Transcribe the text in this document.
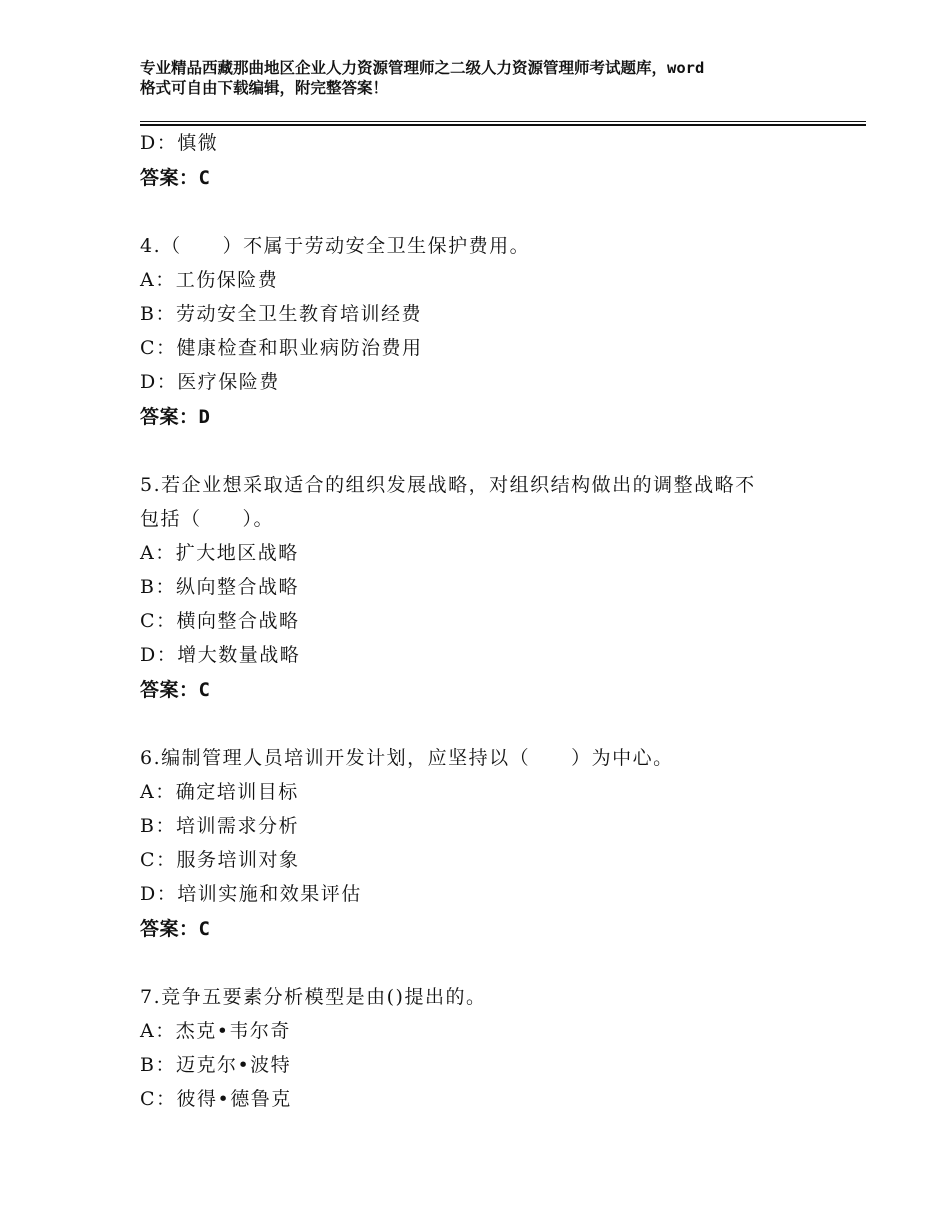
专业精品西藏那曲地区企业人力资源管理师之二级人力资源管理师考试题库，word
格式可自由下载编辑，附完整答案！
D：慎微
答案：C
4.（　　）不属于劳动安全卫生保护费用。
A：工伤保险费
B：劳动安全卫生教育培训经费
C：健康检查和职业病防治费用
D：医疗保险费
答案：D
5.若企业想采取适合的组织发展战略，对组织结构做出的调整战略不
包括（　　）。
A：扩大地区战略
B：纵向整合战略
C：横向整合战略
D：增大数量战略
答案：C
6.编制管理人员培训开发计划，应坚持以（　　）为中心。
A：确定培训目标
B：培训需求分析
C：服务培训对象
D：培训实施和效果评估
答案：C
7.竞争五要素分析模型是由()提出的。
A：杰克•韦尔奇
B：迈克尔•波特
C：彼得•德鲁克
